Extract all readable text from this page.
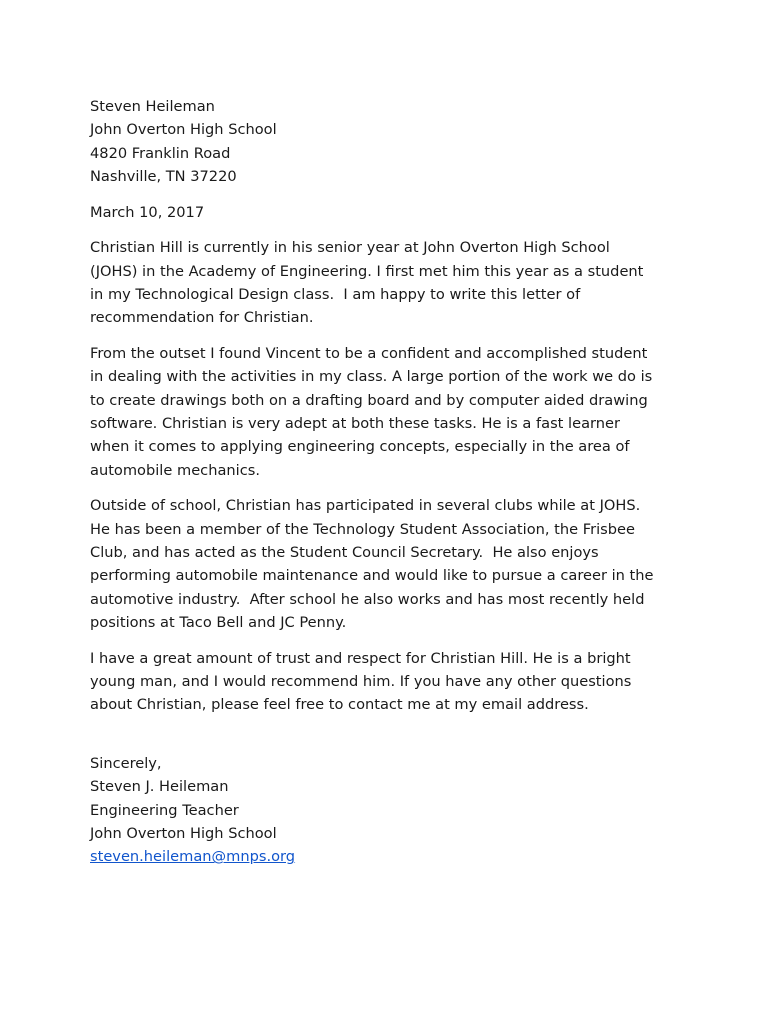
Steven Heileman
John Overton High School
4820 Franklin Road
Nashville, TN 37220
March 10, 2017
Christian Hill is currently in his senior year at John Overton High School
(JOHS) in the Academy of Engineering. I first met him this year as a student
in my Technological Design class.  I am happy to write this letter of
recommendation for Christian.
From the outset I found Vincent to be a confident and accomplished student
in dealing with the activities in my class. A large portion of the work we do is
to create drawings both on a drafting board and by computer aided drawing
software. Christian is very adept at both these tasks. He is a fast learner
when it comes to applying engineering concepts, especially in the area of
automobile mechanics.
Outside of school, Christian has participated in several clubs while at JOHS.
He has been a member of the Technology Student Association, the Frisbee
Club, and has acted as the Student Council Secretary.  He also enjoys
performing automobile maintenance and would like to pursue a career in the
automotive industry.  After school he also works and has most recently held
positions at Taco Bell and JC Penny.
I have a great amount of trust and respect for Christian Hill. He is a bright
young man, and I would recommend him. If you have any other questions
about Christian, please feel free to contact me at my email address.
Sincerely,
Steven J. Heileman
Engineering Teacher
John Overton High School
steven.heileman@mnps.org
